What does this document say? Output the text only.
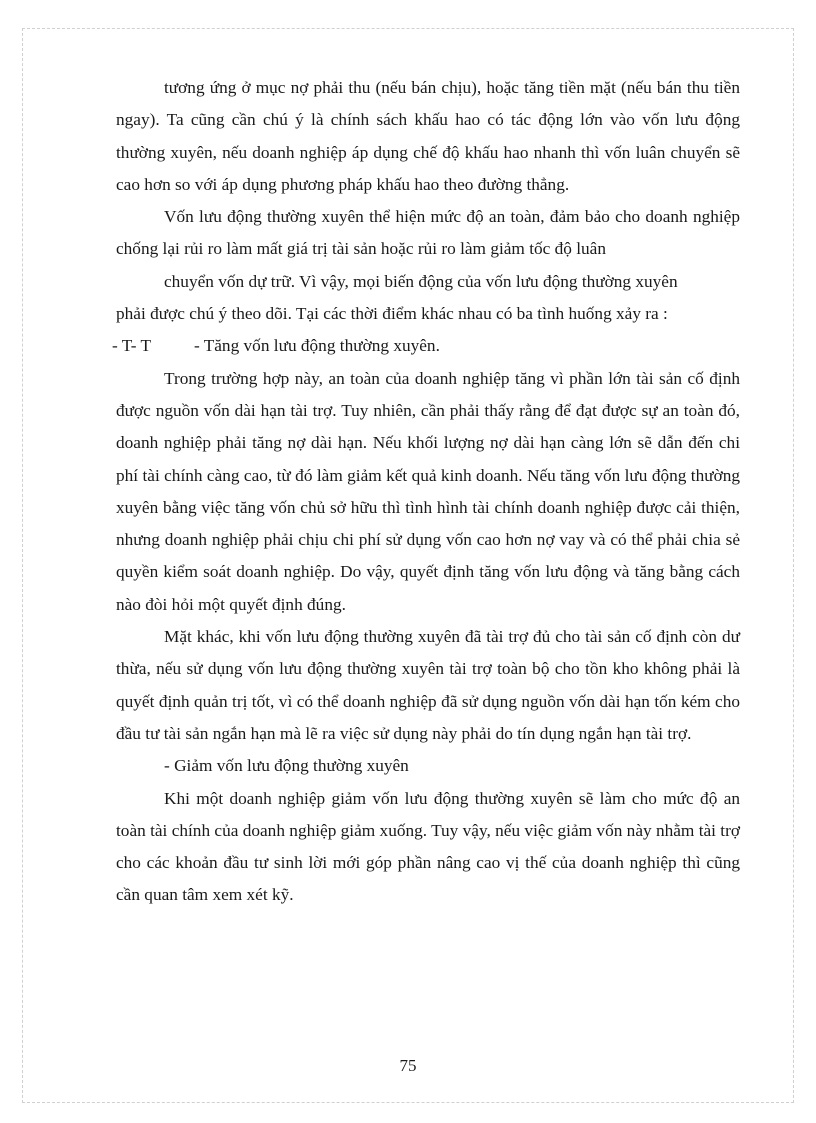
tương ứng ở mục nợ phải thu (nếu bán chịu), hoặc tăng tiền mặt (nếu bán thu tiền ngay). Ta cũng cần chú ý là chính sách khấu hao có tác động lớn vào vốn lưu động thường xuyên, nếu doanh nghiệp áp dụng chế độ khấu hao nhanh thì vốn luân chuyển sẽ cao hơn so với áp dụng phương pháp khấu hao theo đường thẳng.

Vốn lưu động thường xuyên thể hiện mức độ an toàn, đảm bảo cho doanh nghiệp chống lại rủi ro làm mất giá trị tài sản hoặc rủi ro làm giảm tốc độ luân

chuyển vốn dự trữ. Vì vậy, mọi biến động của vốn lưu động thường xuyên

phải được chú ý theo dõi. Tại các thời điểm khác nhau có ba tình huống xảy ra :

- T- T          - Tăng vốn lưu động thường xuyên.

Trong trường hợp này, an toàn của doanh nghiệp tăng vì phần lớn tài sản cố định được nguồn vốn dài hạn tài trợ. Tuy nhiên, cần phải thấy rằng để đạt được sự an toàn đó, doanh nghiệp phải tăng nợ dài hạn. Nếu khối lượng nợ dài hạn càng lớn sẽ dẫn đến chi phí tài chính càng cao, từ đó làm giảm kết quả kinh doanh. Nếu tăng vốn lưu động thường xuyên bằng việc tăng vốn chủ sở hữu thì tình hình tài chính doanh nghiệp được cải thiện, nhưng doanh nghiệp phải chịu chi phí sử dụng vốn cao hơn nợ vay và có thể phải chia sẻ quyền kiểm soát doanh nghiệp. Do vậy, quyết định tăng vốn lưu động và tăng bằng cách nào đòi hỏi một quyết định đúng.

Mặt khác, khi vốn lưu động thường xuyên đã tài trợ đủ cho tài sản cố định còn dư thừa, nếu sử dụng vốn lưu động thường xuyên tài trợ toàn bộ cho tồn kho không phải là quyết định quản trị tốt, vì có thể doanh nghiệp đã sử dụng nguồn vốn dài hạn tốn kém cho đầu tư tài sản ngắn hạn mà lẽ ra việc sử dụng này phải do tín dụng ngắn hạn tài trợ.

- Giảm vốn lưu động thường xuyên

Khi một doanh nghiệp giảm vốn lưu động thường xuyên sẽ làm cho mức độ an toàn tài chính của doanh nghiệp giảm xuống. Tuy vậy, nếu việc giảm vốn này nhằm tài trợ cho các khoản đầu tư sinh lời mới góp phần nâng cao vị thế của doanh nghiệp thì cũng cần quan tâm xem xét kỹ.

75
